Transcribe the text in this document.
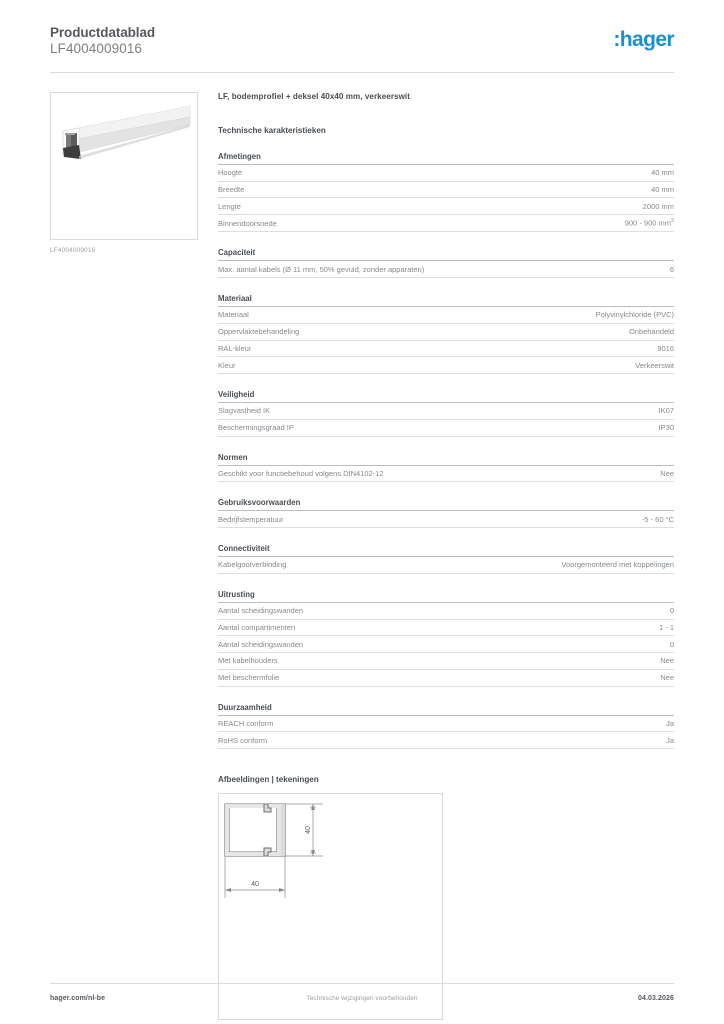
Productdatablad
LF4004009016	:hager
LF4004009016
LF, bodemprofiel + deksel 40x40 mm, verkeerswit
Technische karakteristieken
Afmetingen
Hoogte	40 mm
Breedte	40 mm
Lengte	2000 mm
Binnendoorsnede	900 - 900 $mm^2$
Capaciteit
Max. aantal kabels (Ø 11 mm, 50% gevuld, zonder apparaten)	6
Materiaal
Materiaal	Polyvinylchloride (PVC)
Oppervlaktebehandeling	Onbehandeld
RAL-kleur	9016
Kleur	Verkeerswit
Veiligheid
Slagvastheid IK	IK07
Beschermingsgraad IP	IP30
Normen
Geschikt voor functiebehoud volgens DIN4102-12	Nee
Gebruiksvoorwaarden
Bedrijfstemperatuur	-5 - 60 °C
Connectiviteit
Kabelgootverbinding	Voorgemonteerd met koppelingen
Uitrusting
Aantal scheidingswanden	0
Aantal compartimenten	1 - 1
Aantal scheidingswanden	0
Met kabelhouders	Nee
Met beschermfolie	Nee
Duurzaamheid
REACH conform	Ja
RoHS conform	Ja
Afbeeldingen | tekeningen
40
40
hager.com/nl-be	Technische wijzigingen voorbehouden	04.03.2026
